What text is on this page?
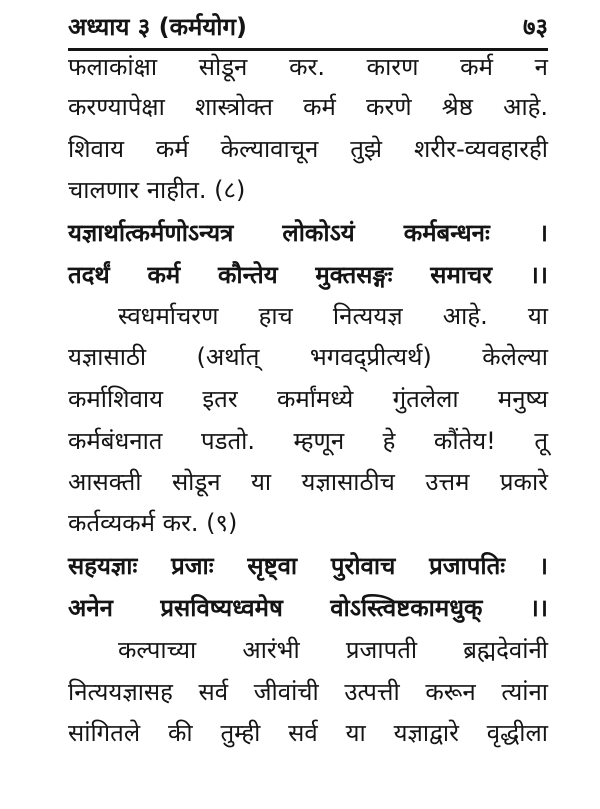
अध्याय ३ (कर्मयोग)	७३
फलाकांक्षा सोडून कर. कारण कर्म न
करण्यापेक्षा शास्त्रोक्त कर्म करणे श्रेष्ठ आहे.
शिवाय कर्म केल्यावाचून तुझे शरीर-व्यवहारही
चालणार नाहीत. (८)
यज्ञार्थात्कर्मणोऽन्यत्र लोकोऽयं कर्मबन्धनः ।
तदर्थं कर्म कौन्तेय मुक्तसङ्गः समाचर ।।
स्वधर्माचरण हाच नित्ययज्ञ आहे. या
यज्ञासाठी (अर्थात् भगवद्प्रीत्यर्थ) केलेल्या
कर्माशिवाय इतर कर्मांमध्ये गुंतलेला मनुष्य
कर्मबंधनात पडतो. म्हणून हे कौंतेय! तू
आसक्ती सोडून या यज्ञासाठीच उत्तम प्रकारे
कर्तव्यकर्म कर. (९)
सहयज्ञाः प्रजाः सृष्ट्वा पुरोवाच प्रजापतिः ।
अनेन प्रसविष्यध्वमेष वोऽस्त्विष्टकामधुक् ।।
कल्पाच्या आरंभी प्रजापती ब्रह्मदेवांनी
नित्ययज्ञासह सर्व जीवांची उत्पत्ती करून त्यांना
सांगितले की तुम्ही सर्व या यज्ञाद्वारे वृद्धीला
